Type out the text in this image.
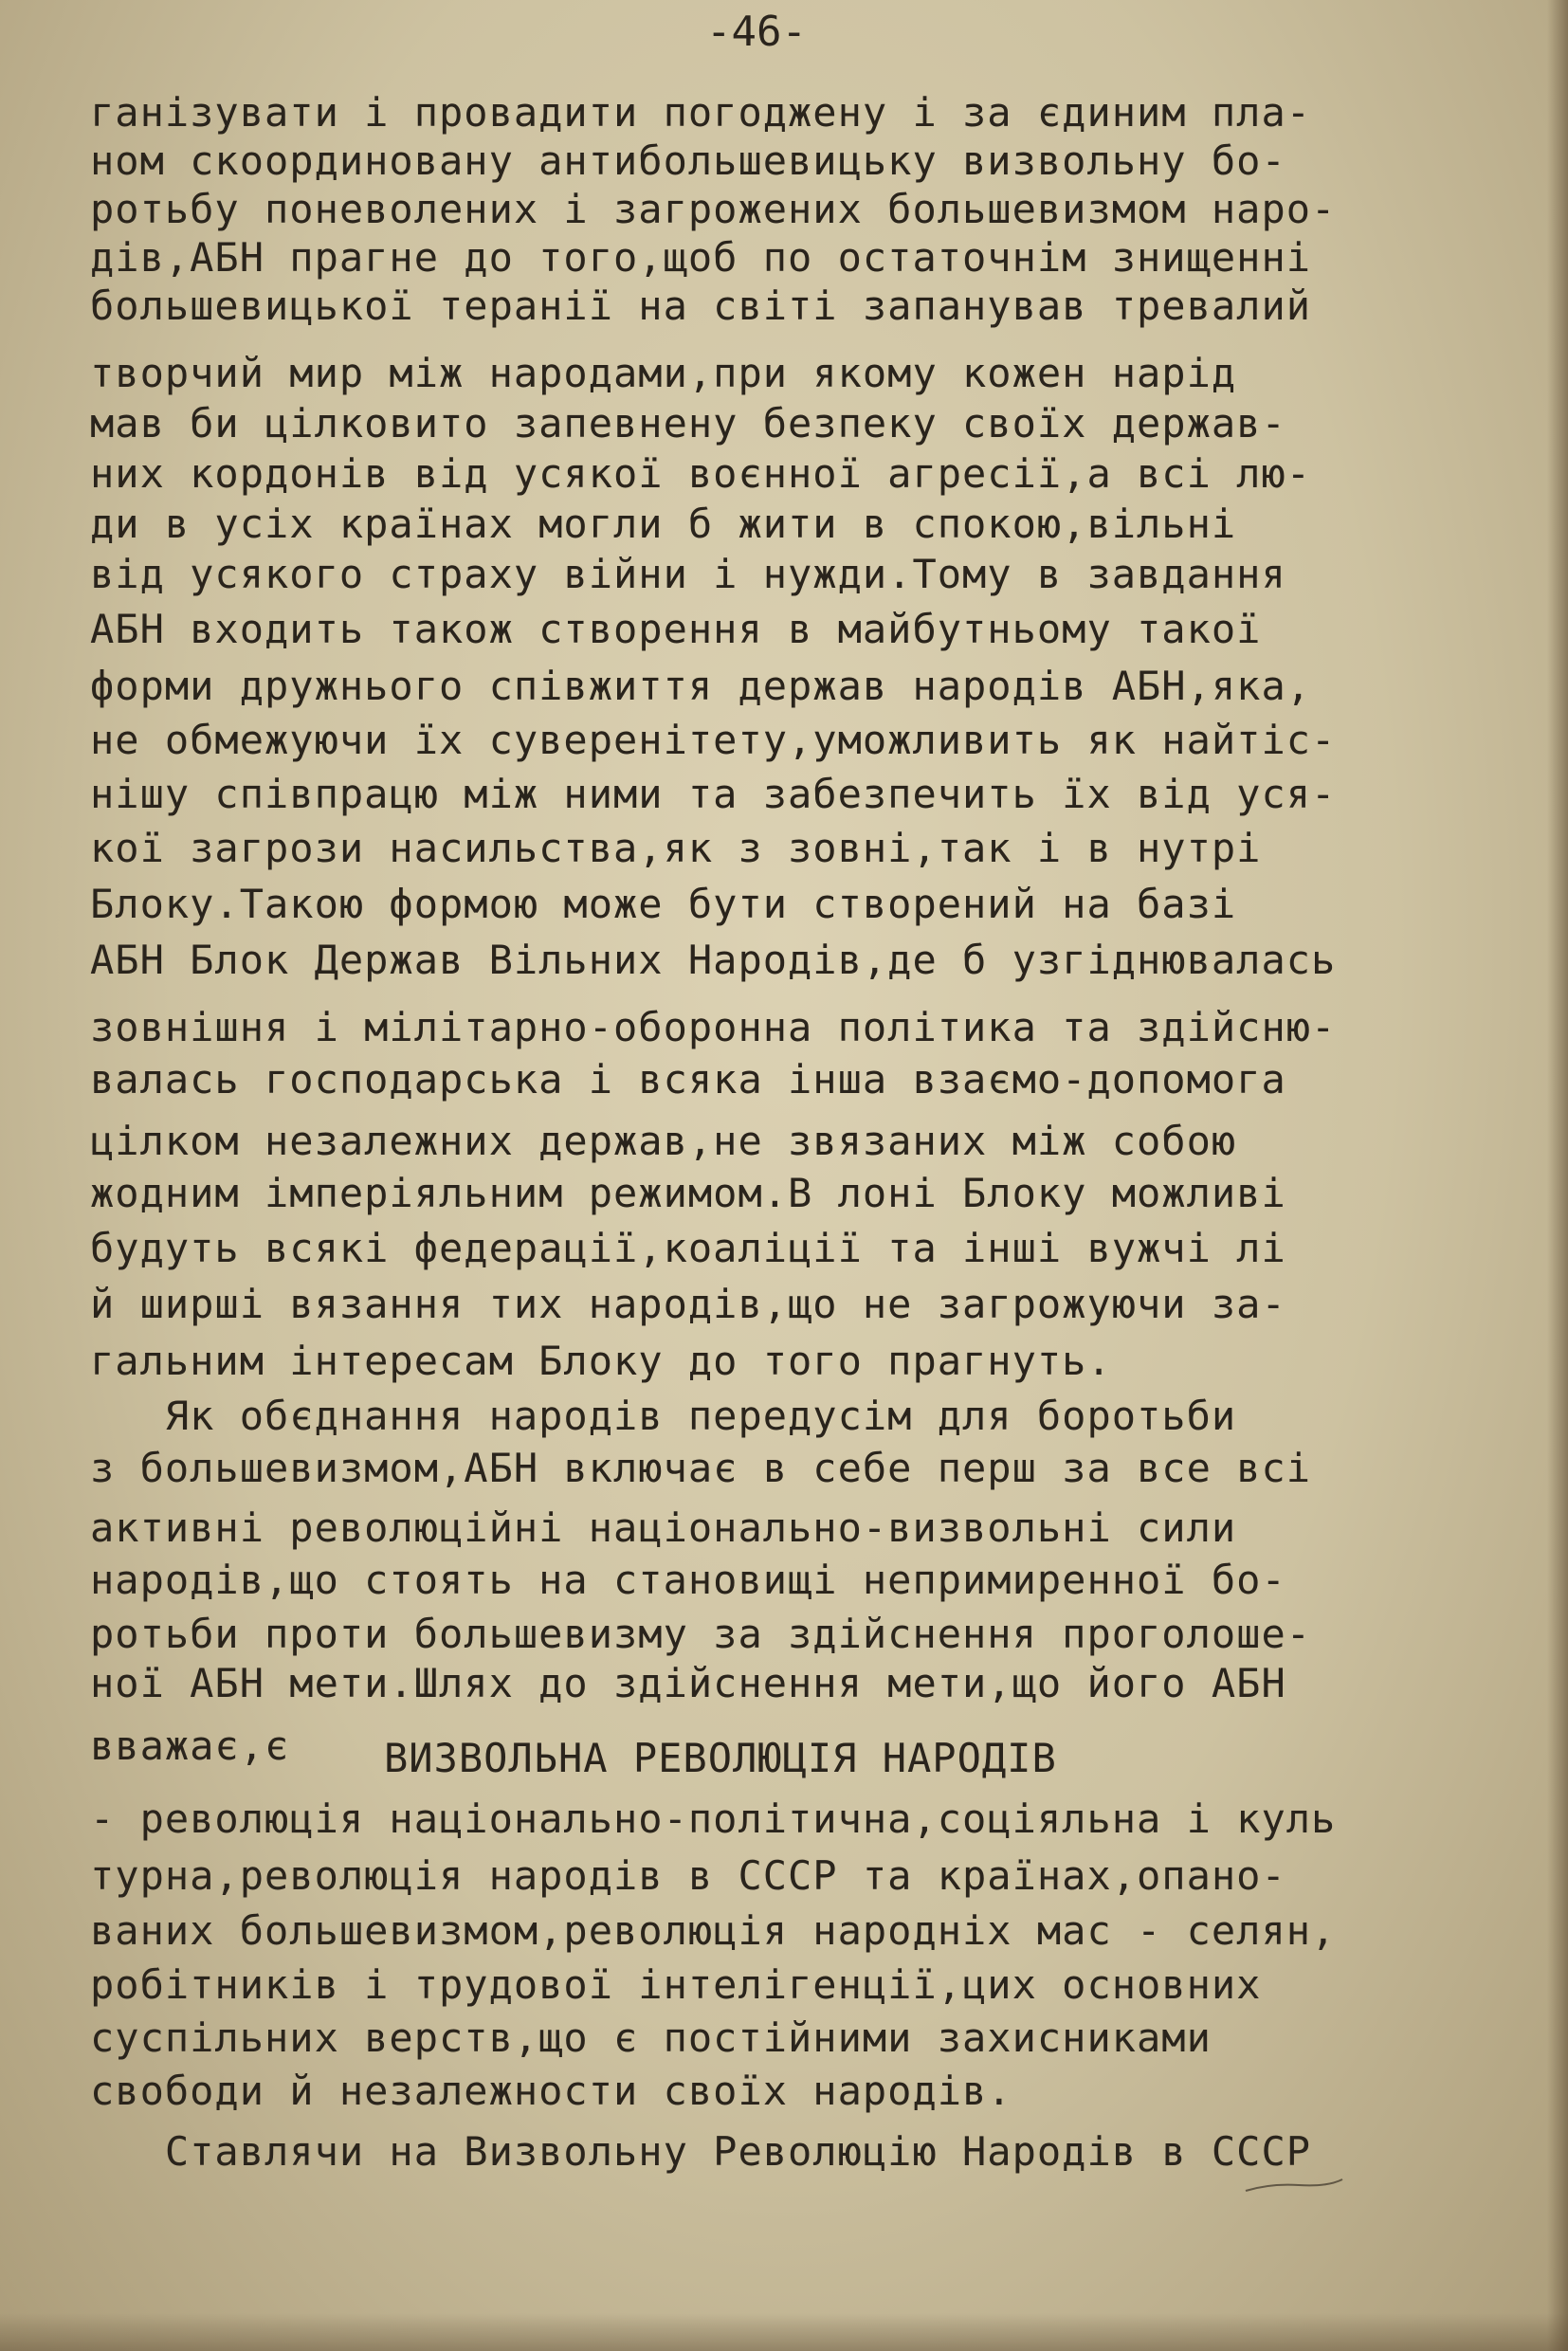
-46-
ганізувати і провадити погоджену і за єдиним пла-
ном скоординовану антибольшевицьку визвольну бо-
ротьбу поневолених і загрожених большевизмом наро-
дів,АБН прагне до того,щоб по остаточнім знищенні
большевицької теранії на світі запанував тревалий
творчий мир між народами,при якому кожен нарід
мав би цілковито запевнену безпеку своїх держав-
них кордонів від усякої воєнної агресії,а всі лю-
ди в усіх країнах могли б жити в спокою,вільні
від усякого страху війни і нужди.Тому в завдання
АБН входить також створення в майбутньому такої
форми дружнього співжиття держав народів АБН,яка,
не обмежуючи їх суверенітету,уможливить як найтіс-
нішу співпрацю між ними та забезпечить їх від уся-
кої загрози насильства,як з зовні,так і в нутрі
Блоку.Такою формою може бути створений на базі
АБН Блок Держав Вільних Народів,де б узгіднювалась
зовнішня і мілітарно-оборонна політика та здійсню-
валась господарська і всяка інша взаємо-допомога
цілком незалежних держав,не звязаних між собою
жодним імперіяльним режимом.В лоні Блоку можливі
будуть всякі федерації,коаліції та інші вужчі лі
й ширші вязання тих народів,що не загрожуючи за-
гальним інтересам Блоку до того прагнуть.
Як обєднання народів передусім для боротьби
з большевизмом,АБН включає в себе перш за все всі
активні революційні національно-визвольні сили
народів,що стоять на становищі непримиренної бо-
ротьби проти большевизму за здійснення проголоше-
ної АБН мети.Шлях до здійснення мети,що його АБН
вважає,є ВИЗВОЛЬНА РЕВОЛЮЦІЯ НАРОДІВ
- революція національно-політична,соціяльна і куль
турна,революція народів в СССР та країнах,опано-
ваних большевизмом,революція народніх мас - селян,
робітників і трудової інтелігенції,цих основних
суспільних верств,що є постійними захисниками
свободи й незалежности своїх народів.
Ставлячи на Визвольну Революцію Народів в СССР
